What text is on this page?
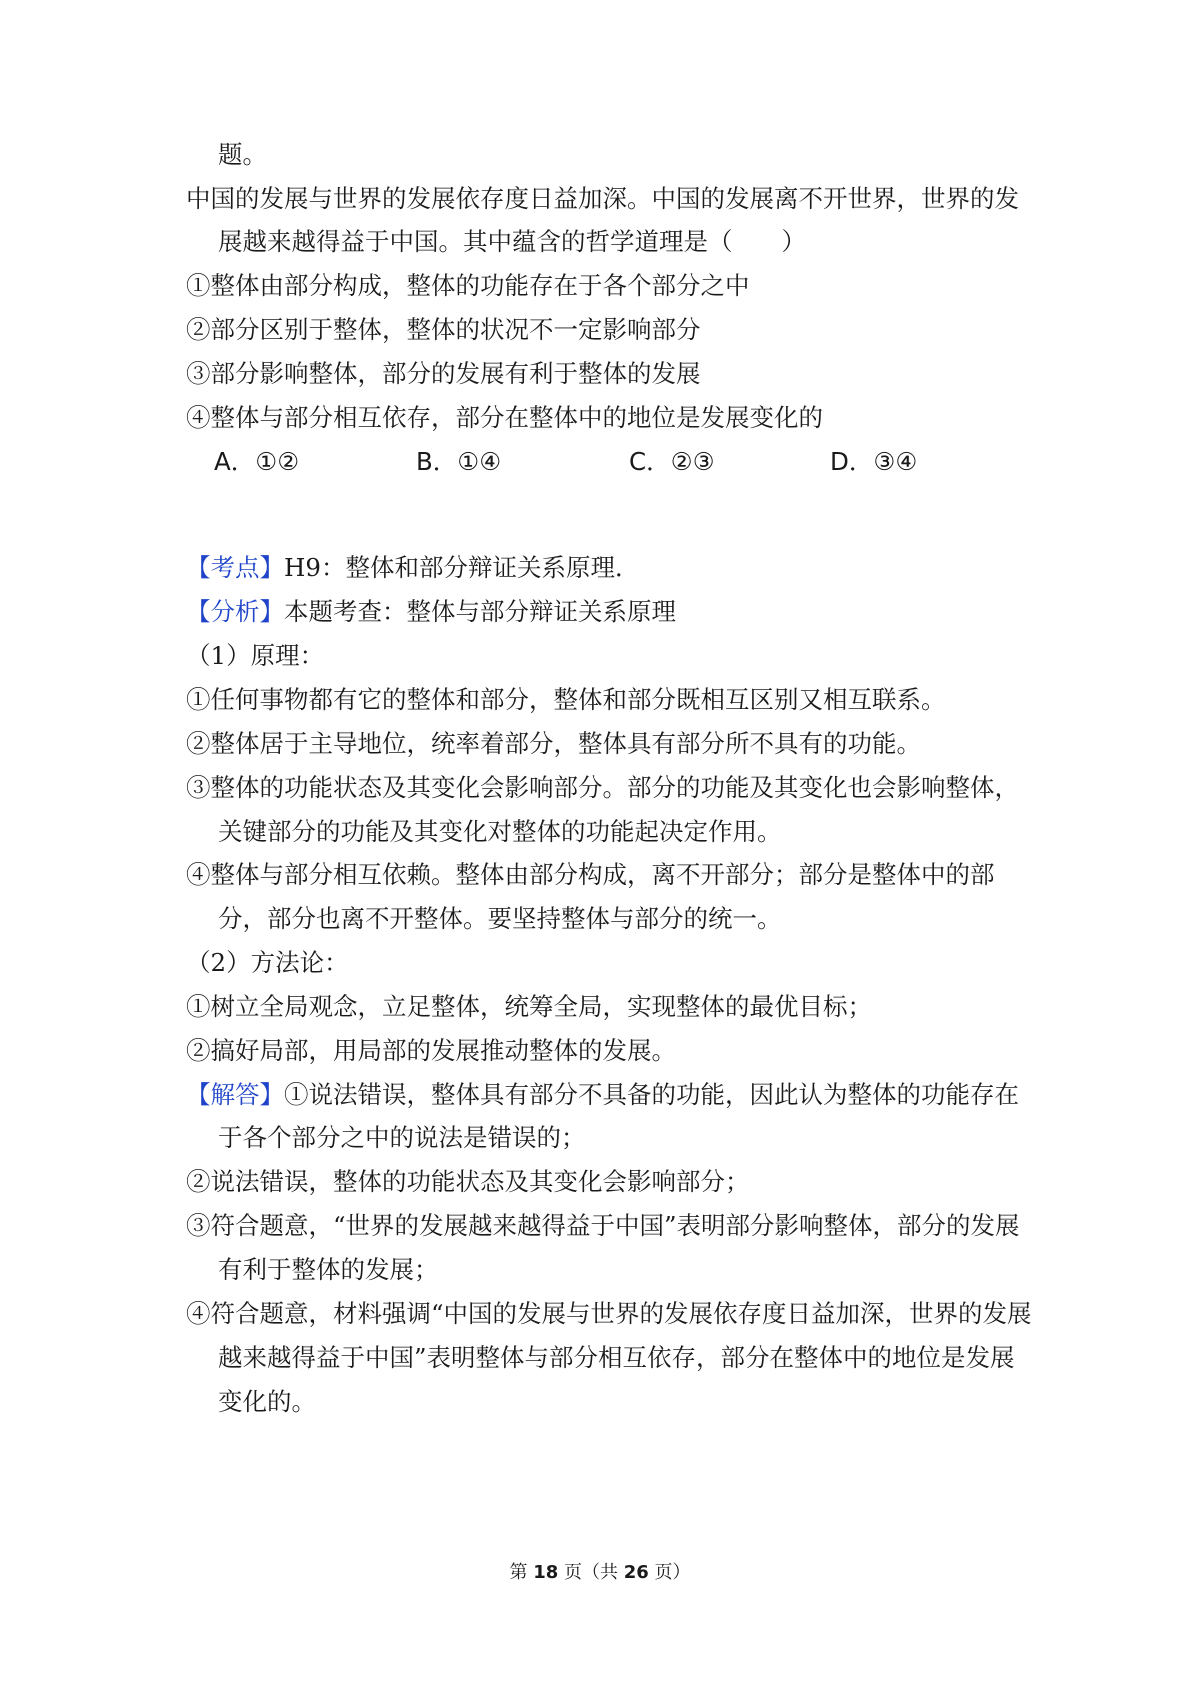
题。
中国的发展与世界的发展依存度日益加深。中国的发展离不开世界，世界的发
展越来越得益于中国。其中蕴含的哲学道理是（　　）
①整体由部分构成，整体的功能存在于各个部分之中
②部分区别于整体，整体的状况不一定影响部分
③部分影响整体，部分的发展有利于整体的发展
④整体与部分相互依存，部分在整体中的地位是发展变化的
A．①②	B．①④	C．②③	D．③④
【考点】H9：整体和部分辩证关系原理．
【分析】本题考查：整体与部分辩证关系原理
（1）原理：
①任何事物都有它的整体和部分，整体和部分既相互区别又相互联系。
②整体居于主导地位，统率着部分，整体具有部分所不具有的功能。
③整体的功能状态及其变化会影响部分。部分的功能及其变化也会影响整体，
关键部分的功能及其变化对整体的功能起决定作用。
④整体与部分相互依赖。整体由部分构成，离不开部分；部分是整体中的部
分，部分也离不开整体。要坚持整体与部分的统一。
（2）方法论：
①树立全局观念，立足整体，统筹全局，实现整体的最优目标；
②搞好局部，用局部的发展推动整体的发展。
【解答】①说法错误，整体具有部分不具备的功能，因此认为整体的功能存在
于各个部分之中的说法是错误的；
②说法错误，整体的功能状态及其变化会影响部分；
③符合题意，“世界的发展越来越得益于中国”表明部分影响整体，部分的发展
有利于整体的发展；
④符合题意，材料强调“中国的发展与世界的发展依存度日益加深，世界的发展
越来越得益于中国”表明整体与部分相互依存，部分在整体中的地位是发展
变化的。
第 18 页（共 26 页）
